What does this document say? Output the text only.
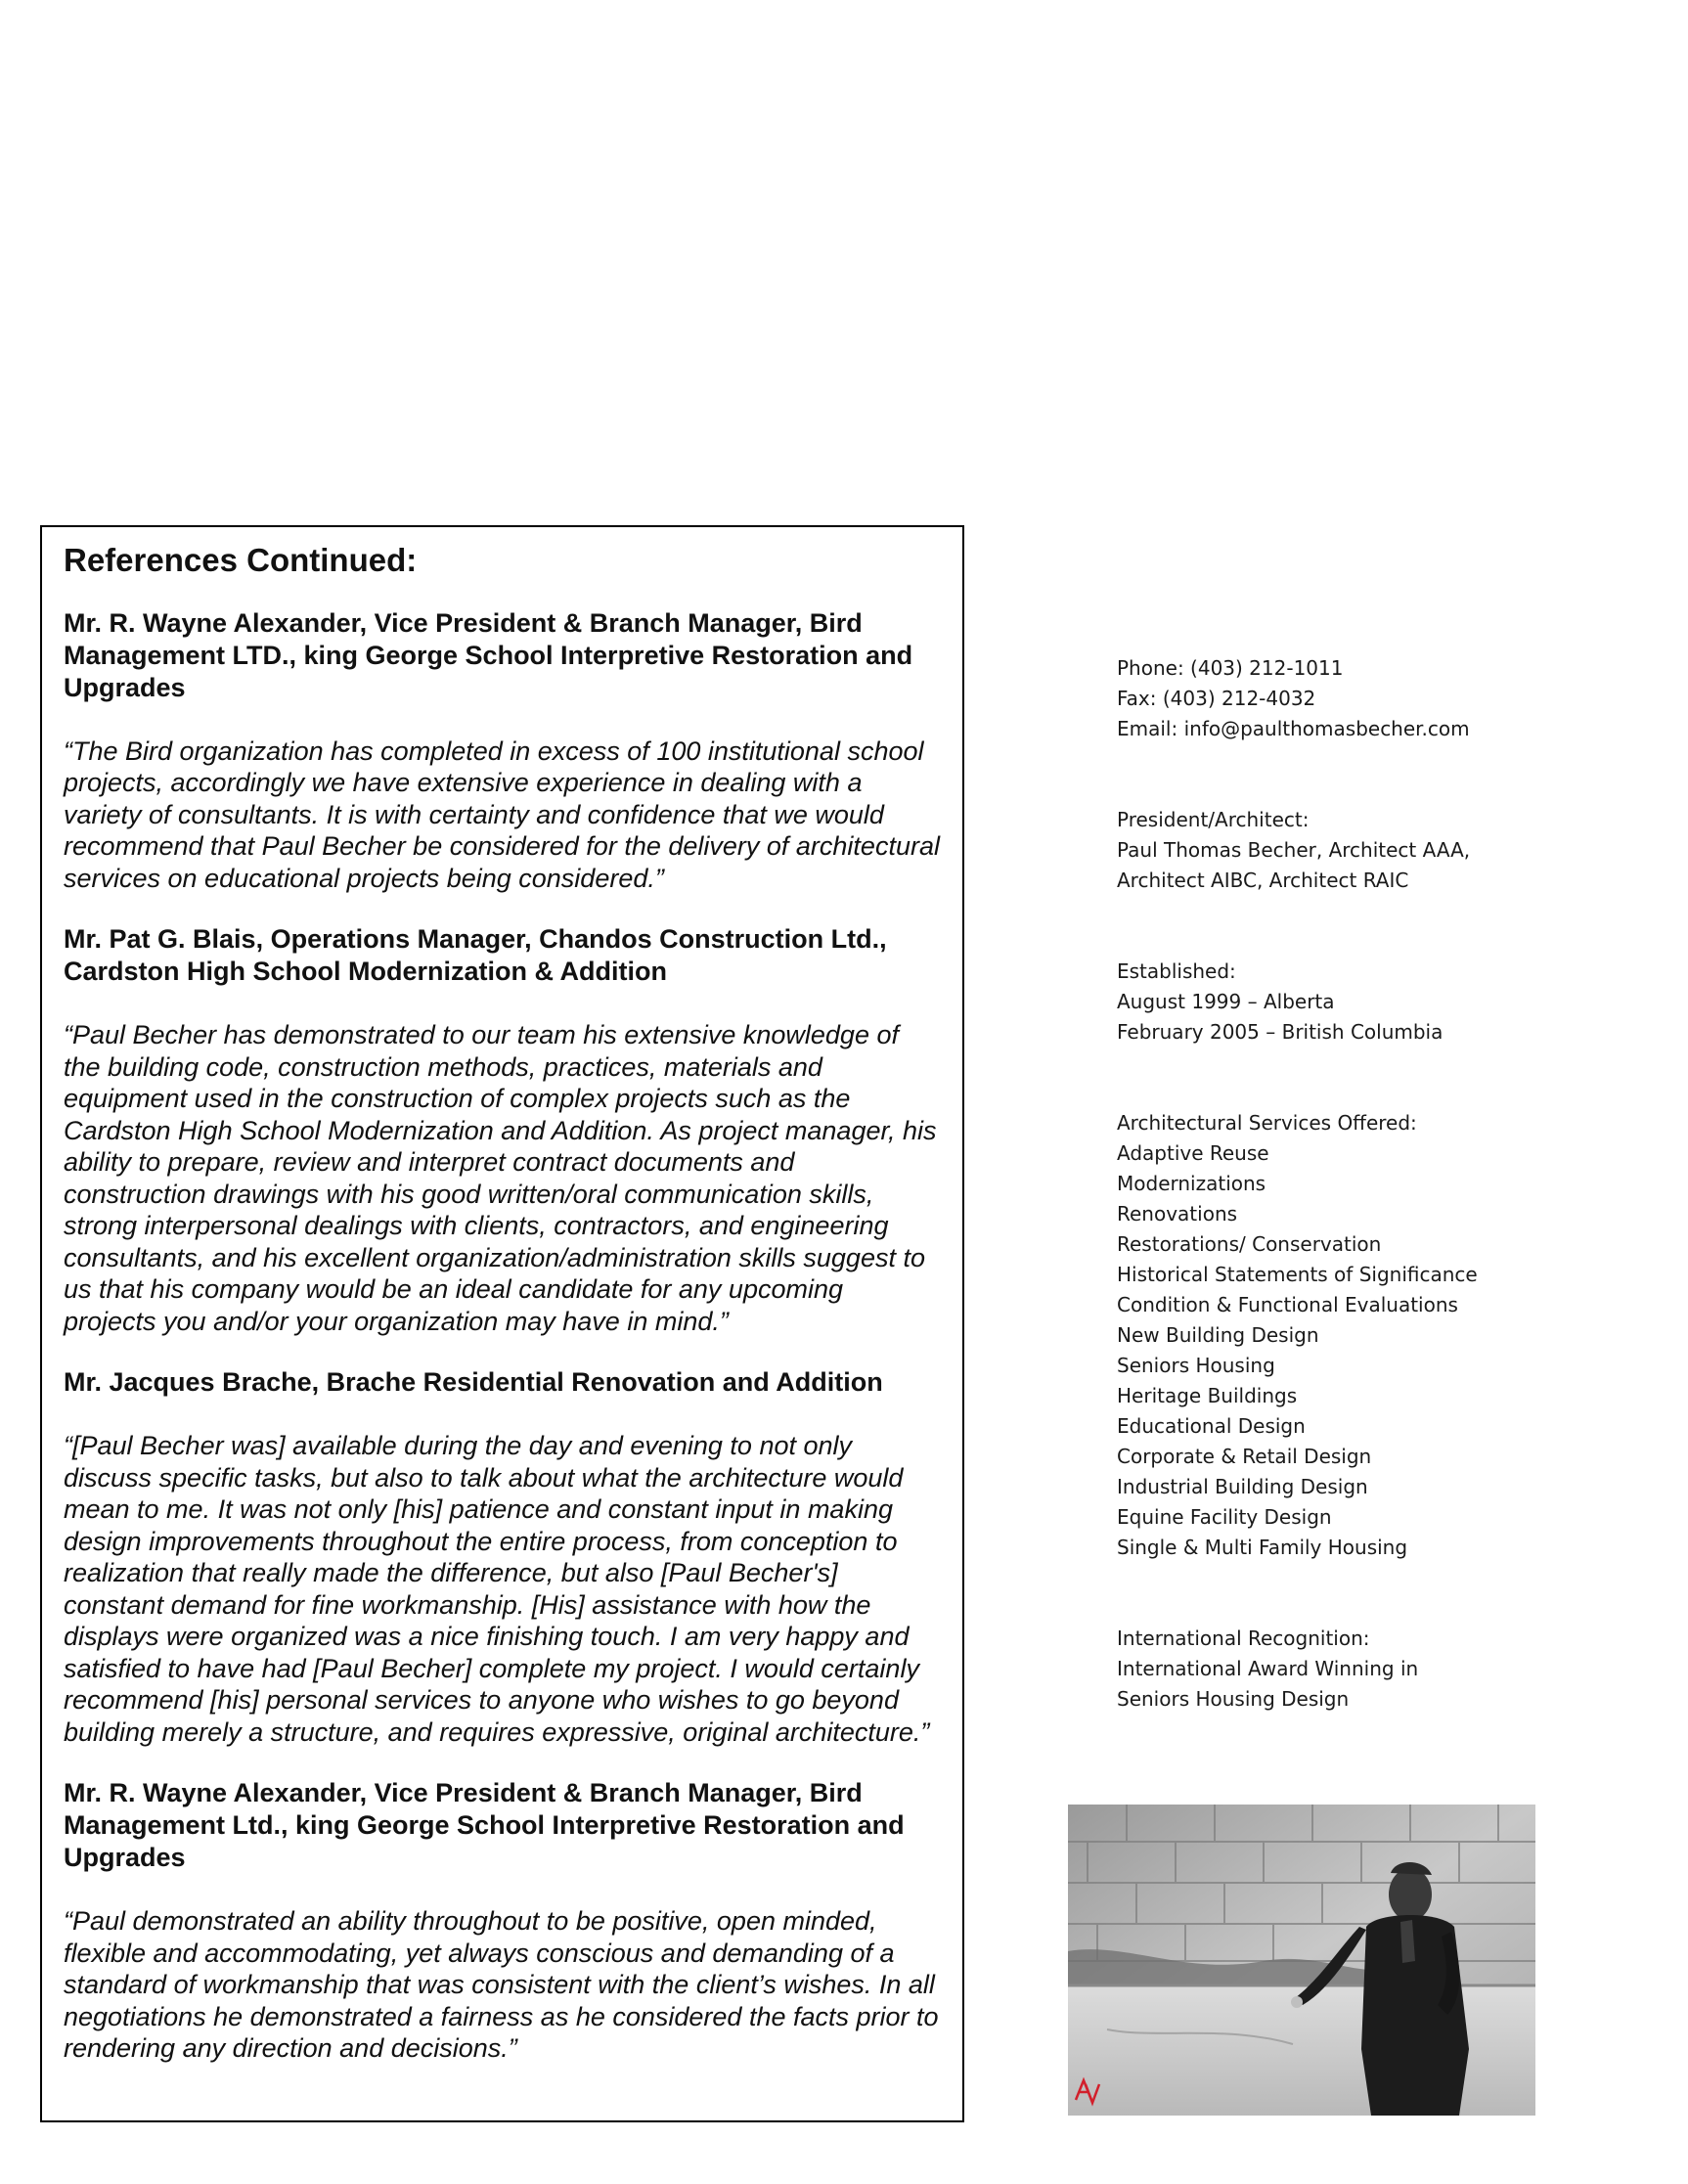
References Continued:
Mr. R. Wayne Alexander, Vice President & Branch Manager, Bird Management LTD., king George School Interpretive Restoration and Upgrades
“The Bird organization has completed in excess of 100 institutional school projects, accordingly we have extensive experience in dealing with a variety of consultants. It is with certainty and confidence that we would recommend that Paul Becher be considered for the delivery of architectural services on educational projects being considered.”
Mr. Pat G. Blais, Operations Manager, Chandos Construction Ltd., Cardston High School Modernization & Addition
“Paul Becher has demonstrated to our team his extensive knowledge of the building code, construction methods, practices, materials and equipment used in the construction of complex projects such as the Cardston High School Modernization and Addition. As project manager, his ability to prepare, review and interpret contract documents and construction drawings with his good written/oral communication skills, strong interpersonal dealings with clients, contractors, and engineering consultants, and his excellent organization/administration skills suggest to us that his company would be an ideal candidate for any upcoming projects you and/or your organization may have in mind.”
Mr. Jacques Brache, Brache Residential Renovation and Addition
“[Paul Becher was] available during the day and evening to not only discuss specific tasks, but also to talk about what the architecture would mean to me. It was not only [his] patience and constant input in making design improvements throughout the entire process, from conception to realization that really made the difference, but also [Paul Becher's] constant demand for fine workmanship. [His] assistance with how the displays were organized was a nice finishing touch. I am very happy and satisfied to have had [Paul Becher] complete my project. I would certainly recommend [his] personal services to anyone who wishes to go beyond building merely a structure, and requires expressive, original architecture.”
Mr. R. Wayne Alexander, Vice President & Branch Manager, Bird Management Ltd., king George School Interpretive Restoration and Upgrades
“Paul demonstrated an ability throughout to be positive, open minded, flexible and accommodating, yet always conscious and demanding of a standard of workmanship that was consistent with the client’s wishes. In all negotiations he demonstrated a fairness as he considered the facts prior to rendering any direction and decisions.”
Phone: (403) 212-1011
Fax: (403) 212-4032
Email: info@paulthomasbecher.com
President/Architect:
Paul Thomas Becher, Architect AAA,
Architect AIBC, Architect RAIC
Established:
August 1999 – Alberta
February 2005 – British Columbia
Architectural Services Offered:
Adaptive Reuse
Modernizations
Renovations
Restorations/ Conservation
Historical Statements of Significance
Condition & Functional Evaluations
New Building Design
Seniors Housing
Heritage Buildings
Educational Design
Corporate & Retail Design
Industrial Building Design
Equine Facility Design
Single & Multi Family Housing
International Recognition:
International Award Winning in
Seniors Housing Design
